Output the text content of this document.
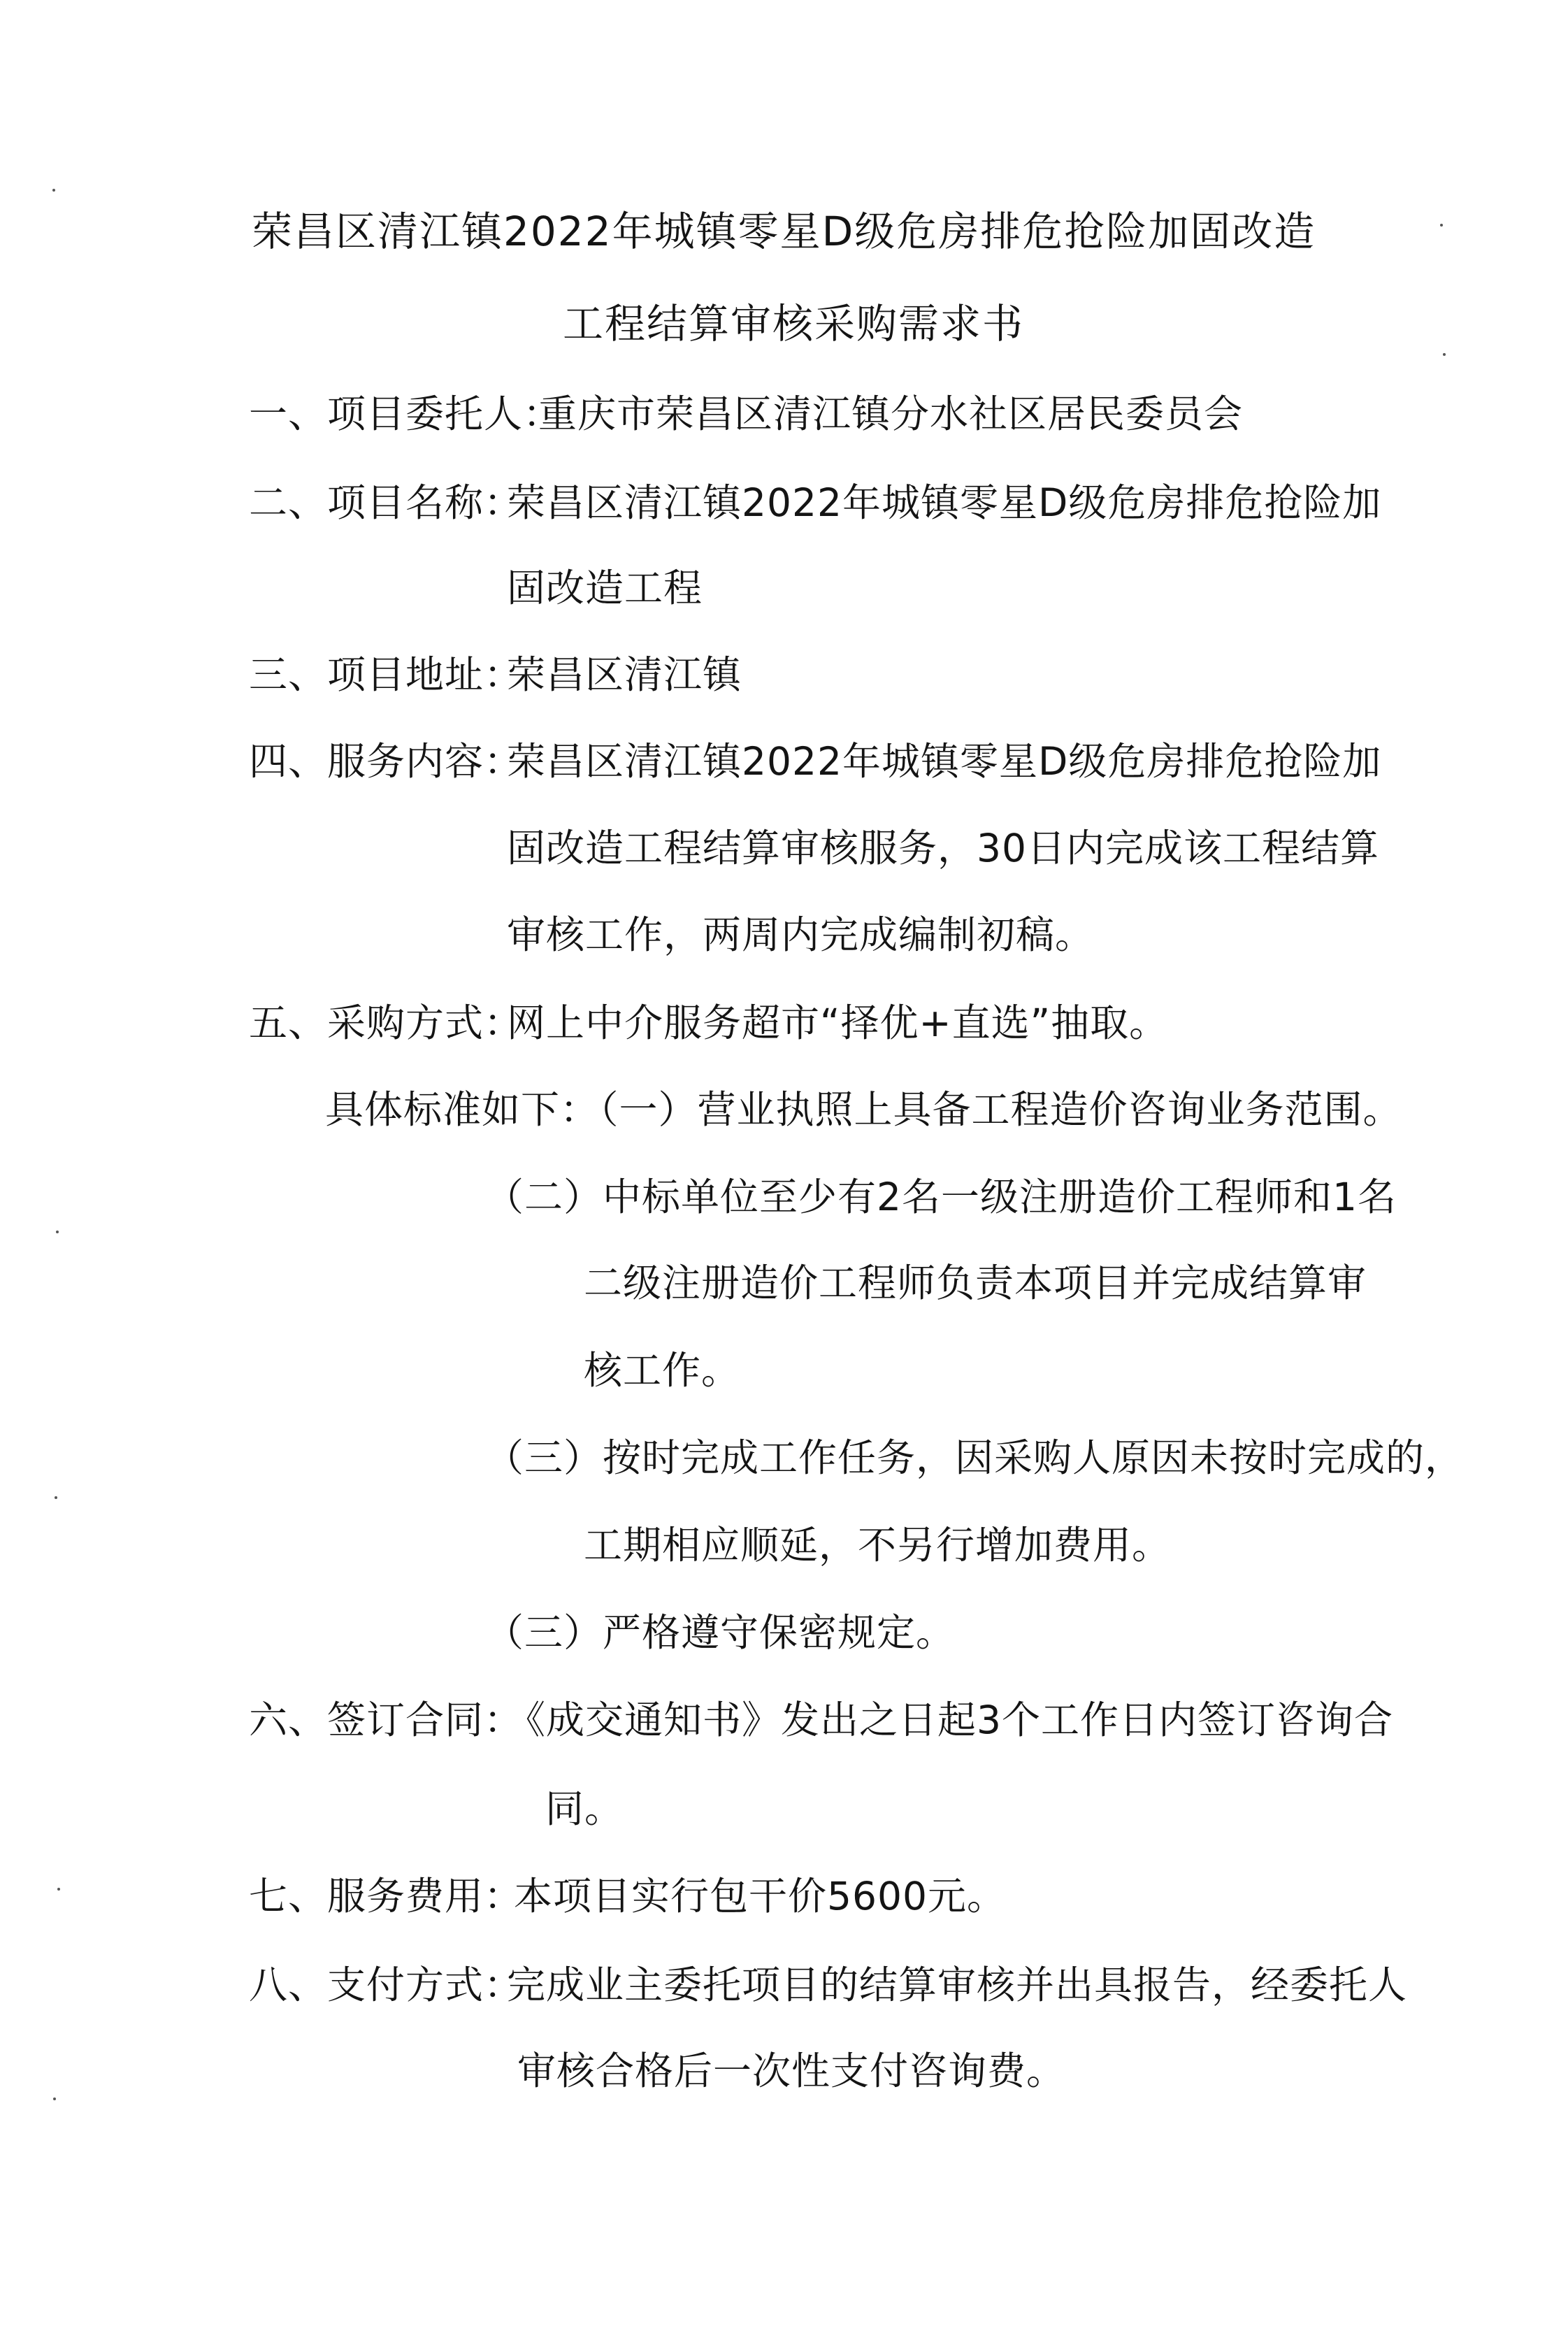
荣昌区清江镇2022年城镇零星D级危房排危抢险加固改造
工程结算审核采购需求书
一、项目委托人：
重庆市荣昌区清江镇分水社区居民委员会
二、项目名称：
荣昌区清江镇2022年城镇零星D级危房排危抢险加
固改造工程
三、项目地址：
荣昌区清江镇
四、服务内容：
荣昌区清江镇2022年城镇零星D级危房排危抢险加
固改造工程结算审核服务，30日内完成该工程结算
审核工作，两周内完成编制初稿。
五、采购方式：
网上中介服务超市“择优+直选”抽取。
具体标准如下：（一）营业执照上具备工程造价咨询业务范围。
（二）中标单位至少有2名一级注册造价工程师和1名
二级注册造价工程师负责本项目并完成结算审
核工作。
（三）按时完成工作任务，因采购人原因未按时完成的，
工期相应顺延，不另行增加费用。
（三）严格遵守保密规定。
六、签订合同：
《成交通知书》发出之日起3个工作日内签订咨询合
同。
七、服务费用：
本项目实行包干价5600元。
八、支付方式：
完成业主委托项目的结算审核并出具报告，经委托人
审核合格后一次性支付咨询费。
